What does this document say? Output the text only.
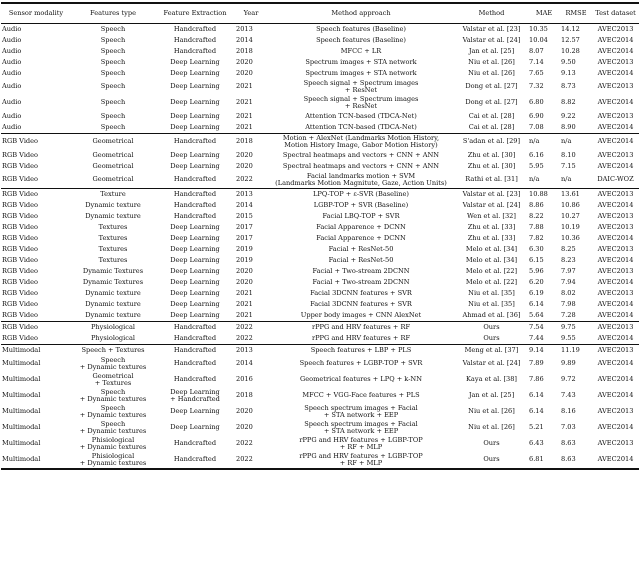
Sensor modality	Features type	Feature Extraction	Year	Method approach	Method	MAE	RMSE	Test dataset
Audio	Speech	Handcrafted	2013	Speech features (Baseline)	Valstar et al. [23]	10.35	14.12	AVEC2013
Audio	Speech	Handcrafted	2014	Speech features (Baseline)	Valstar et al. [24]	10.04	12.57	AVEC2014
Audio	Speech	Handcrafted	2018	MFCC + LR	Jan et al. [25]	8.07	10.28	AVEC2014
Audio	Speech	Deep Learning	2020	Spectrum images + STA network	Niu et al. [26]	7.14	9.50	AVEC2013
Audio	Speech	Deep Learning	2020	Spectrum images + STA network	Niu et al. [26]	7.65	9.13	AVEC2014
Audio	Speech	Deep Learning	2021	Speech signal + Spectrum images
+ ResNet	Dong et al. [27]	7.32	8.73	AVEC2013
Audio	Speech	Deep Learning	2021	Speech signal + Spectrum images
+ ResNet	Dong et al. [27]	6.80	8.82	AVEC2014
Audio	Speech	Deep Learning	2021	Attention TCN-based (TDCA-Net)	Cai et al. [28]	6.90	9.22	AVEC2013
Audio	Speech	Deep Learning	2021	Attention TCN-based (TDCA-Net)	Cai et al. [28]	7.08	8.90	AVEC2014
RGB Video	Geometrical	Handcrafted	2018	Motion + AlexNet (Landmarks Motion History,
Motion History Image, Gabor Motion History)	S'adan et al. [29]	n/a	n/a	AVEC2014
RGB Video	Geometrical	Deep Learning	2020	Spectral heatmaps and vectors + CNN + ANN	Zhu et al. [30]	6.16	8.10	AVEC2013
RGB Video	Geometrical	Deep Learning	2020	Spectral heatmaps and vectors + CNN + ANN	Zhu et al. [30]	5.95	7.15	AVEC2014
RGB Video	Geometrical	Handcrafted	2022	Facial landmarks motion + SVM
(Landmarks Motion Magnitute, Gaze, Action Units)	Rathi et al. [31]	n/a	n/a	DAIC-WOZ
RGB Video	Texture	Handcrafted	2013	LPQ-TOP + ε-SVR (Baseline)	Valstar et al. [23]	10.88	13.61	AVEC2013
RGB Video	Dynamic texture	Handcrafted	2014	LGBP-TOP + SVR (Baseline)	Valstar et al. [24]	8.86	10.86	AVEC2014
RGB Video	Dynamic texture	Handcrafted	2015	Facial LBQ-TOP + SVR	Wen et al. [32]	8.22	10.27	AVEC2013
RGB Video	Textures	Deep Learning	2017	Facial Apparence + DCNN	Zhu et al. [33]	7.88	10.19	AVEC2013
RGB Video	Textures	Deep Learning	2017	Facial Apparence + DCNN	Zhu et al. [33]	7.82	10.36	AVEC2014
RGB Video	Textures	Deep Learning	2019	Facial + ResNet-50	Melo et al. [34]	6.30	8.25	AVEC2013
RGB Video	Textures	Deep Learning	2019	Facial + ResNet-50	Melo et al. [34]	6.15	8.23	AVEC2014
RGB Video	Dynamic Textures	Deep Learning	2020	Facial + Two-stream 2DCNN	Melo et al. [22]	5.96	7.97	AVEC2013
RGB Video	Dynamic Textures	Deep Learning	2020	Facial + Two-stream 2DCNN	Melo et al. [22]	6.20	7.94	AVEC2014
RGB Video	Dynamic texture	Deep Learning	2021	Facial 3DCNN features + SVR	Niu et al. [35]	6.19	8.02	AVEC2013
RGB Video	Dynamic texture	Deep Learning	2021	Facial 3DCNN features + SVR	Niu et al. [35]	6.14	7.98	AVEC2014
RGB Video	Dynamic texture	Deep Learning	2021	Upper body images + CNN AlexNet	Ahmad et al. [36]	5.64	7.28	AVEC2014
RGB Video	Physiological	Handcrafted	2022	rPPG and HRV features + RF	Ours	7.54	9.75	AVEC2013
RGB Video	Physiological	Handcrafted	2022	rPPG and HRV features + RF	Ours	7.44	9.55	AVEC2014
Multimodal	Speech + Textures	Handcrafted	2013	Speech features + LBP + PLS	Meng et al. [37]	9.14	11.19	AVEC2013
Multimodal	Speech
+ Dynamic textures	Handcrafted	2014	Speech features + LGBP-TOP + SVR	Valstar et al. [24]	7.89	9.89	AVEC2014
Multimodal	Geometrical
+ Textures	Handcrafted	2016	Geometrical features + LPQ + k-NN	Kaya et al. [38]	7.86	9.72	AVEC2014
Multimodal	Speech
+ Dynamic textures	Deep Learning
+ Handcrafted	2018	MFCC + VGG-Face features + PLS	Jan et al. [25]	6.14	7.43	AVEC2014
Multimodal	Speech
+ Dynamic textures	Deep Learning	2020	Speech spectrum images + Facial
+ STA network + EEP	Niu et al. [26]	6.14	8.16	AVEC2013
Multimodal	Speech
+ Dynamic textures	Deep Learning	2020	Speech spectrum images + Facial
+ STA network + EEP	Niu et al. [26]	5.21	7.03	AVEC2014
Multimodal	Phisiological
+ Dynamic textures	Handcrafted	2022	rPPG and HRV features + LGBP-TOP
+ RF + MLP	Ours	6.43	8.63	AVEC2013
Multimodal	Phisiological
+ Dynamic textures	Handcrafted	2022	rPPG and HRV features + LGBP-TOP
+ RF + MLP	Ours	6.81	8.63	AVEC2014
